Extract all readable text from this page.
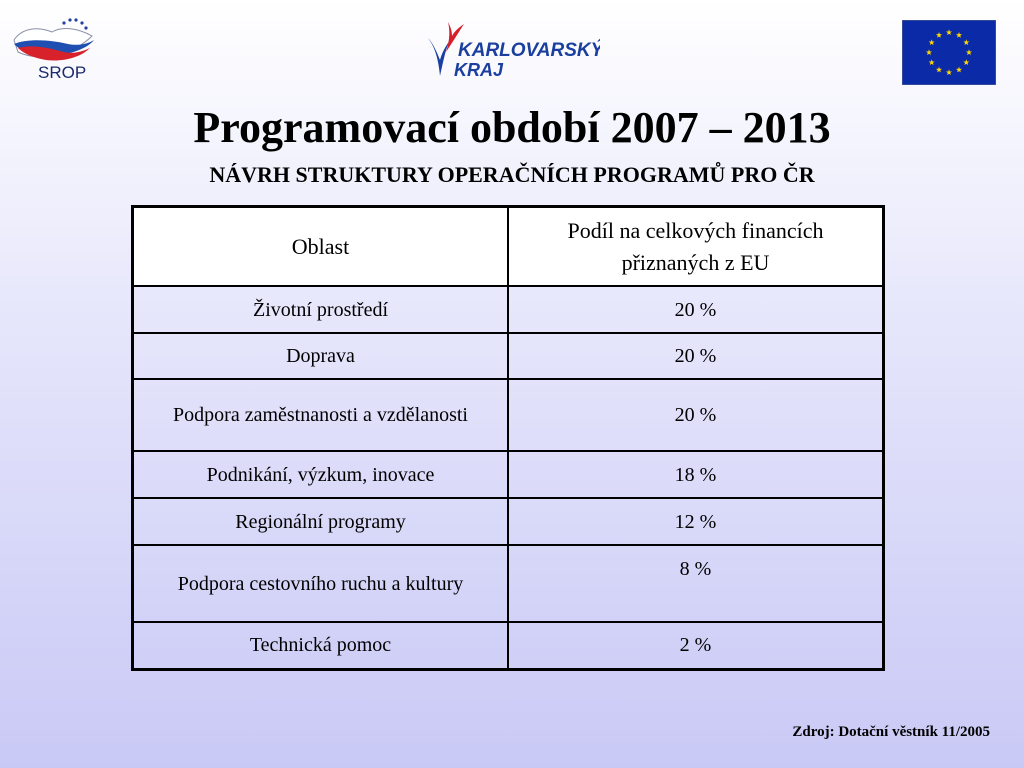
SROP
KARLOVARSKÝ
KRAJ
Programovací období 2007 – 2013
NÁVRH STRUKTURY OPERAČNÍCH PROGRAMŮ PRO ČR
Oblast	Podíl na celkových financích přiznaných z EU
Životní prostředí	20 %
Doprava	20 %
Podpora zaměstnanosti a vzdělanosti	20 %
Podnikání, výzkum, inovace	18 %
Regionální programy	12 %
Podpora cestovního ruchu a kultury	8 %
Technická pomoc	2 %
Zdroj: Dotační věstník 11/2005
